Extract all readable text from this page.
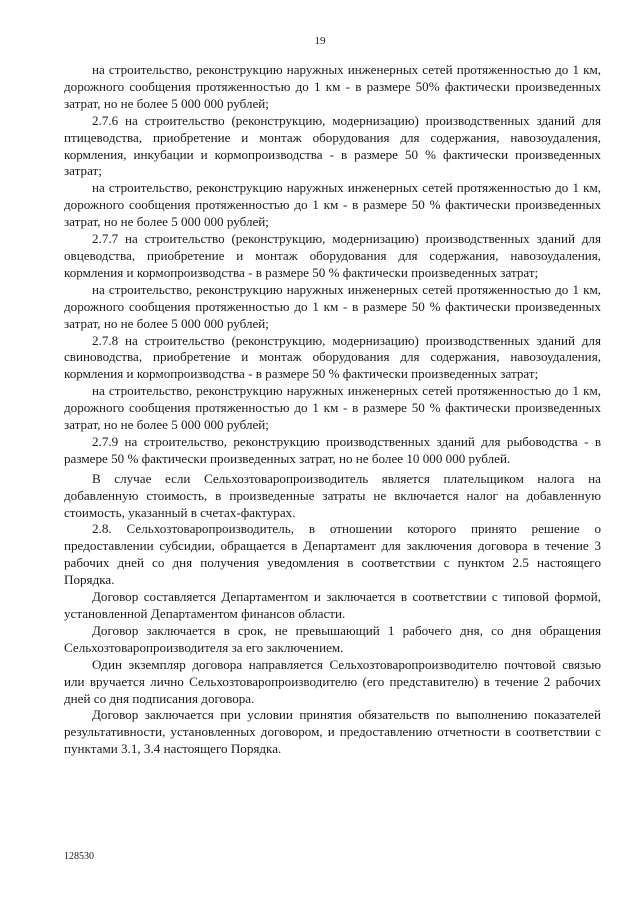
19

на строительство, реконструкцию наружных инженерных сетей протяженностью до 1 км, дорожного сообщения протяженностью до 1 км - в размере 50% фактически произведенных затрат, но не более 5 000 000 рублей;

2.7.6 на строительство (реконструкцию, модернизацию) производственных зданий для птицеводства, приобретение и монтаж оборудования для содержания, навозоудаления, кормления, инкубации и кормопроизводства - в размере 50 % фактически произведенных затрат;

на строительство, реконструкцию наружных инженерных сетей протяженностью до 1 км, дорожного сообщения протяженностью до 1 км - в размере 50 % фактически произведенных затрат, но не более 5 000 000 рублей;

2.7.7 на строительство (реконструкцию, модернизацию) производственных зданий для овцеводства, приобретение и монтаж оборудования для содержания, навозоудаления, кормления и кормопроизводства - в размере 50 % фактически произведенных затрат;

на строительство, реконструкцию наружных инженерных сетей протяженностью до 1 км, дорожного сообщения протяженностью до 1 км - в размере 50 % фактически произведенных затрат, но не более 5 000 000 рублей;

2.7.8 на строительство (реконструкцию, модернизацию) производственных зданий для свиноводства, приобретение и монтаж оборудования для содержания, навозоудаления, кормления и кормопроизводства - в размере 50 % фактически произведенных затрат;

на строительство, реконструкцию наружных инженерных сетей протяженностью до 1 км, дорожного сообщения протяженностью до 1 км - в размере 50 % фактически произведенных затрат, но не более 5 000 000 рублей;

2.7.9 на строительство, реконструкцию производственных зданий для рыбоводства - в размере 50 % фактически произведенных затрат, но не более 10 000 000 рублей.

В случае если Сельхозтоваропроизводитель является плательщиком налога на добавленную стоимость, в произведенные затраты не включается налог на добавленную стоимость, указанный в счетах-фактурах.

2.8. Сельхозтоваропроизводитель, в отношении которого принято решение о предоставлении субсидии, обращается в Департамент для заключения договора в течение 3 рабочих дней со дня получения уведомления в соответствии с пунктом 2.5 настоящего Порядка.

Договор составляется Департаментом и заключается в соответствии с типовой формой, установленной Департаментом финансов области.

Договор заключается в срок, не превышающий 1 рабочего дня, со дня обращения Сельхозтоваропроизводителя за его заключением.

Один экземпляр договора направляется Сельхозтоваропроизводителю почтовой связью или вручается лично Сельхозтоваропроизводителю (его представителю) в течение 2 рабочих дней со дня подписания договора.

Договор заключается при условии принятия обязательств по выполнению показателей результативности, установленных договором, и предоставлению отчетности в соответствии с пунктами 3.1, 3.4 настоящего Порядка.

128530
